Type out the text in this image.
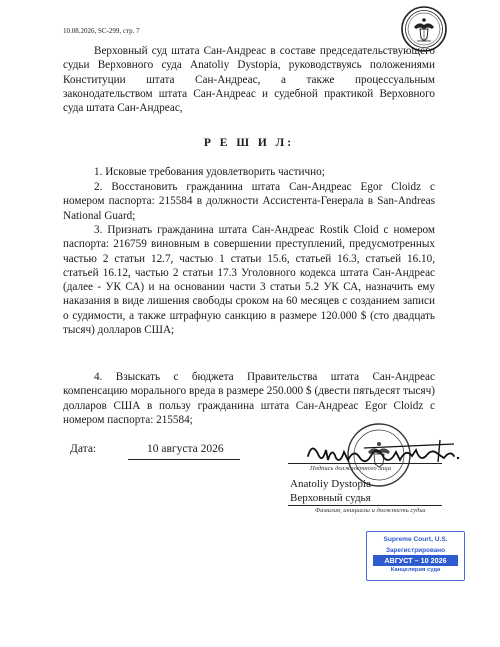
10.08.2026, SC-299, стр. 7
Верховный суд штата Сан-Андреас в составе председательствующего судьи Верховного суда Anatoliy Dystopia, руководствуясь положениями Конституции штата Сан-Андреас, а также процессуальным законодательством штата Сан-Андреас и судебной практикой Верховного суда штата Сан-Андреас,
Р Е Ш И Л:
1. Исковые требования удовлетворить частично;
2. Восстановить гражданина штата Сан-Андреас Egor Cloidz с номером паспорта: 215584 в должности Ассистента-Генерала в San-Andreas National Guard;
3. Признать гражданина штата Сан-Андреас Rostik Cloid с номером паспорта: 216759 виновным в совершении преступлений, предусмотренных частью 2 статьи 12.7, частью 1 статьи 15.6, статьей 16.3, статьей 16.10, статьей 16.12, частью 2 статьи 17.3 Уголовного кодекса штата Сан-Андреас (далее - УК СА) и на основании части 3 статьи 5.2 УК СА, назначить ему наказания в виде лишения свободы сроком на 60 месяцев с созданием записи о судимости, а также штрафную санкцию в размере 120.000 $ (сто двадцать тысяч) долларов США;
4. Взыскать с бюджета Правительства штата Сан-Андреас компенсацию морального вреда в размере 250.000 $ (двести пятьдесят тысяч) долларов США в пользу гражданина штата Сан-Андреас Egor Cloidz с номером паспорта: 215584;
Дата:	10 августа 2026
Подпись должностного лица
Anatoliy Dystopia
Верховный судья
Фамилия, инициалы и должность судьи
Supreme Court, U.S.
Зарегистрировано
АВГУСТ – 10 2026
Канцелярия суда
